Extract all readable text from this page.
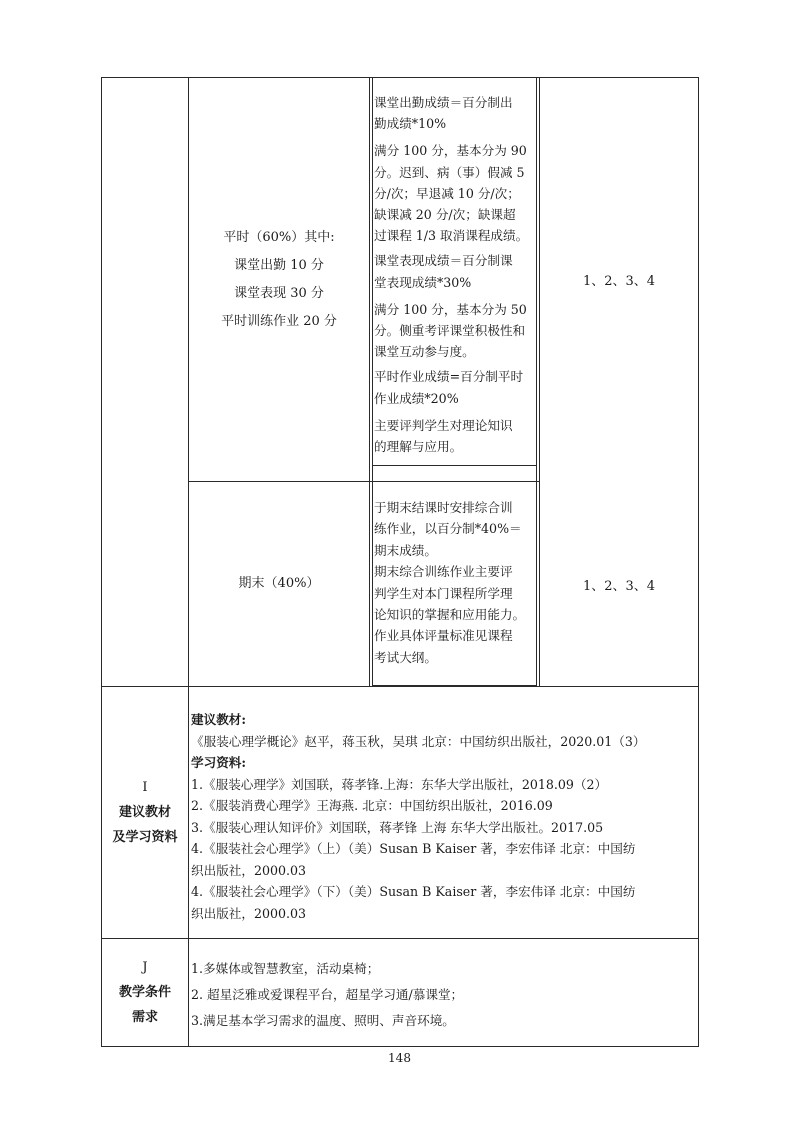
平时（60%）其中:
课堂出勤 10 分
课堂表现 30 分
平时训练作业 20 分
课堂出勤成绩＝百分制出
勤成绩*10%
满分 100 分，基本分为 90
分。迟到、病（事）假减 5
分/次；早退减 10 分/次；
缺课减 20 分/次；缺课超
过课程 1/3 取消课程成绩。
课堂表现成绩＝百分制课
堂表现成绩*30%
满分 100 分，基本分为 50
分。侧重考评课堂积极性和
课堂互动参与度。
平时作业成绩=百分制平时
作业成绩*20%
主要评判学生对理论知识
的理解与应用。
1、2、3、4
期末（40%）
于期末结课时安排综合训
练作业，以百分制*40%＝
期末成绩。
期末综合训练作业主要评
判学生对本门课程所学理
论知识的掌握和应用能力。
作业具体评量标准见课程
考试大纲。
1、2、3、4
I
建议教材
及学习资料
建议教材:
《服装心理学概论》赵平，蒋玉秋，吴琪 北京：中国纺织出版社，2020.01（3）
学习资料:
1.《服装心理学》刘国联，蒋孝锋.上海：东华大学出版社，2018.09（2）
2.《服装消费心理学》王海燕. 北京：中国纺织出版社，2016.09
3.《服装心理认知评价》刘国联，蒋孝锋 上海 东华大学出版社。2017.05
4.《服装社会心理学》（上）（美）Susan B Kaiser 著，李宏伟译 北京：中国纺
织出版社，2000.03
4.《服装社会心理学》（下）（美）Susan B Kaiser 著，李宏伟译 北京：中国纺
织出版社，2000.03
J
教学条件
需求
1.多媒体或智慧教室，活动桌椅；
2. 超星泛雅或爱课程平台，超星学习通/慕课堂；
3.满足基本学习需求的温度、照明、声音环境。
148
